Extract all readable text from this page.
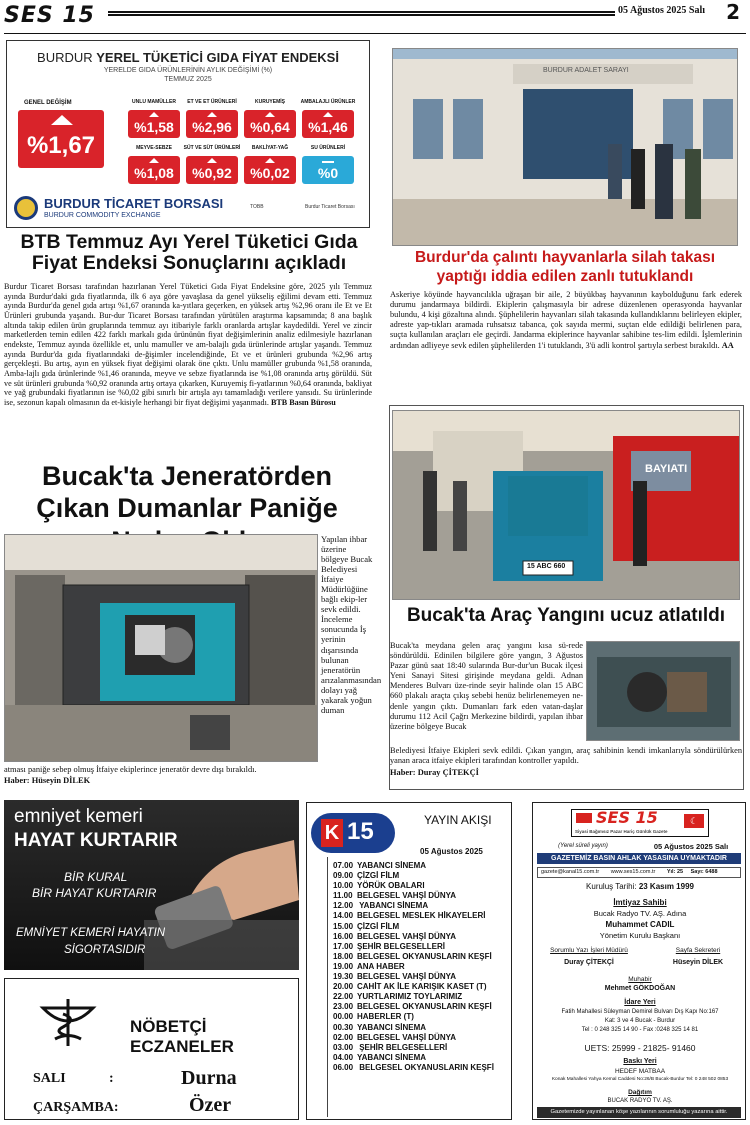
SES 15	05 Ağustos 2025 Salı 2
BURDUR YEREL TÜKETİCİ GIDA FİYAT ENDEKSİ
YERELDE GIDA ÜRÜNLERİNİN AYLIK DEĞİŞİMİ (%)
TEMMUZ 2025
GENEL DEĞİŞİM
%1,67
UNLU MAMÜLLER
%1,58
ET VE ET ÜRÜNLERİ
%2,96
KURUYEMİŞ
%0,64
AMBALAJLI ÜRÜNLER
%1,46
MEYVE-SEBZE
%1,08
SÜT VE SÜT ÜRÜNLERİ
%0,92
BAKLİYAT-YAĞ
%0,02
SU ÜRÜNLERİ
%0
BURDUR TİCARET BORSASI
BURDUR COMMODITY EXCHANGE
TOBB	Burdur Ticaret Borsası
BTB Temmuz Ayı Yerel Tüketici Gıda Fiyat Endeksi Sonuçlarını açıkladı
Burdur Ticaret Borsası tarafından hazırlanan Yerel Tüketici Gıda Fiyat Endeksine göre, 2025 yılı Temmuz ayında Burdur'daki gıda fiyatlarında, ilk 6 aya göre yavaşlasa da genel yükseliş eğilimi devam etti. Temmuz ayında Burdur'da genel gıda artışı %1,67 oranında ka-yıtlara geçerken, en yüksek artış %2,96 oranı ile Et ve Et Ürünleri grubunda yaşandı. Bur-dur Ticaret Borsası tarafından yürütülen araştırma kapsamında; 8 ana başlık altında takip edilen ürün gruplarında temmuz ayı itibariyle farklı oranlarda artışlar kaydedildi. Yerel ve zincir marketlerden temin edilen 422 farklı markalı gıda ürününün fiyat değişimlerinin analiz edilmesiyle hazırlanan endekste, Temmuz ayında özellikle et, unlu mamuller ve am-balajlı gıda ürünlerinde artışlar yaşandı. Temmuz ayında Burdur'da gıda fiyatlarındaki de-ğişimler incelendiğinde, Et ve et ürünleri grubunda %2,96 artış gerçekleşti. Bu artış, ayın en yüksek fiyat değişimi olarak öne çıktı. Unlu mamüller grubunda %1,58 oranında, Amba-lajlı gıda ürünlerinde %1,46 oranında, meyve ve sebze fiyatlarında ise %1,08 oranında artış görüldü. Süt ve süt ürünleri grubunda %0,92 oranında artış ortaya çıkarken, Kuruyemiş fi-yatlarının %0,64 oranında, bakliyat ve yağ grubundaki fiyatlarının ise %0,02 gibi sınırlı bir artışla ayı tamamladığı verilere yansıdı. Su ürünlerinde ise, sezonun kapalı olmasının da et-kisiyle herhangi bir fiyat değişimi yaşanmadı. BTB Basın Bürosu
Bucak'ta Jeneratörden Çıkan Dumanlar Paniğe
Yapılan ihbar üzerine bölgeye Bucak Belediyesi İtfaiye Müdürlüğüne bağlı ekip-ler sevk edildi. İnceleme sonucunda İş yerinin dışarısında bulunan jeneratörün arızalanmasından dolayı yağ yakarak yoğun duman
atması paniğe sebep olmuş İtfaiye ekiplerince jeneratör devre dışı bırakıldı.
Haber: Hüseyin DİLEK
BURDUR ADALET SARAYI
Burdur'da çalıntı hayvanlarla silah takası yaptığı iddia edilen zanlı tutuklandı
Askeriye köyünde hayvancılıkla uğraşan bir aile, 2 büyükbaş hayvanının kaybolduğunu fark ederek durumu jandarmaya bildirdi. Ekiplerin çalışmasıyla bir adrese düzenlenen operasyonda hayvanlar bulundu, 4 kişi gözaltına alındı. Şüphelilerin hayvanları silah takasında kullandıklarını belirleyen ekipler, adreste yap-tıkları aramada ruhsatsız tabanca, çok sayıda mermi, suçtan elde edildiği belirlenen para, suçta kullanılan araçları ele geçirdi. Jandarma ekiplerince hayvanlar sahibine tes-lim edildi. İşlemlerinin ardından adliyeye sevk edilen şüphelilerden 1'i tutuklandı, 3'ü adli kontrol şartıyla serbest bırakıldı. AA
BAYIATI
15 ABC 660
Bucak'ta Araç Yangını ucuz atlatıldı
Bucak'ta meydana gelen araç yangını kısa sü-rede söndürüldü. Edinilen bilgilere göre yangın, 3 Ağustos Pazar günü saat 18:40 sularında Bur-dur'un Bucak ilçesi Yeni Sanayi Sitesi girişinde meydana geldi. Adnan Menderes Bulvarı üze-rinde seyir halinde olan 15 ABC 660 plakalı araçta çıkış sebebi henüz belirlenemeyen ne-denle yangın çıktı. Dumanları fark eden vatan-daşlar durumu 112 Acil Çağrı Merkezine bildirdi, yapılan ihbar üzerine bölgeye Bucak
Belediyesi İtfaiye Ekipleri sevk edildi. Çıkan yangın, araç sahibinin kendi imkanlarıyla söndürülürken yanan araca itfaiye ekipleri tarafından kontroller yapıldı.
Haber: Duray ÇİTEKÇİ
emniyet kemeri
HAYAT KURTARIR
BİR KURAL
BİR HAYAT KURTARIR
EMNİYET KEMERİ HAYATIN
SİGORTASIDIR
NÖBETÇİ ECZANELER
SALI	:	Durna
ÇARŞAMBA:	Özer
K 15	YAYIN AKIŞI
05 Ağustos 2025
07.00 YABANCI SİNEMA
09.00 ÇİZGİ FİLM
10.00 YÖRÜK OBALARI
11.00 BELGESEL VAHŞİ DÜNYA
12.00 YABANCI SİNEMA
14.00 BELGESEL MESLEK HİKAYELERİ
15.00 ÇİZGİ FİLM
16.00 BELGESEL VAHŞİ DÜNYA
17.00 ŞEHİR BELGESELLERİ
18.00 BELGESEL OKYANUSLARIN KEŞFİ
19.00 ANA HABER
19.30 BELGESEL VAHŞİ DÜNYA
20.00 CAHİT AK İLE KARIŞIK KASET (T)
22.00 YURTLARIMIZ TOYLARIMIZ
23.00 BELGESEL OKYANUSLARIN KEŞFİ
00.00 HABERLER (T)
00.30 YABANCI SİNEMA
02.00 BELGESEL VAHŞİ DÜNYA
03.00 ŞEHİR BELGESELLERİ
04.00 YABANCI SİNEMA
06.00 BELGESEL OKYANUSLARIN KEŞFİ
SES 15	☾
Siyasi Bağımsız Pazar Hariç Günlük Gazete
(Yerel süreli yayın)	05 Ağustos 2025 Salı
GAZETEMİZ BASIN AHLAK YASASINA UYMAKTADIR
gazete@kanal15.com.tr www.ses15.com.tr Yıl: 25 Sayı: 6488
Kuruluş Tarihi: 23 Kasım 1999
İmtiyaz Sahibi
Bucak Radyo TV. AŞ. Adına
Muhammet CADIL
Yönetim Kurulu Başkanı
Sorumlu Yazı İşleri Müdürü
Duray ÇİTEKÇİ
Sayfa Sekreteri
Hüseyin DİLEK
Muhabir
Mehmet GÖKDOĞAN
İdare Yeri
Fatih Mahallesi Süleyman Demirel Bulvarı Dış Kapı No:167
Kat: 3 ve 4 Bucak - Burdur
Tel : 0 248 325 14 90 - Fax :0248 325 14 81
UETS: 25999 - 21825- 91460
Baskı Yeri
HEDEF MATBAA
Konak Mahallesi Yahya Kemal Caddesi No:26/B Bucak-Burdur Tel: 0 248 502 0853
Dağıtım
BUCAK RADYO TV. AŞ.
Gazetemizde yayınlanan köşe yazılarının sorumluluğu yazarına aittir.
